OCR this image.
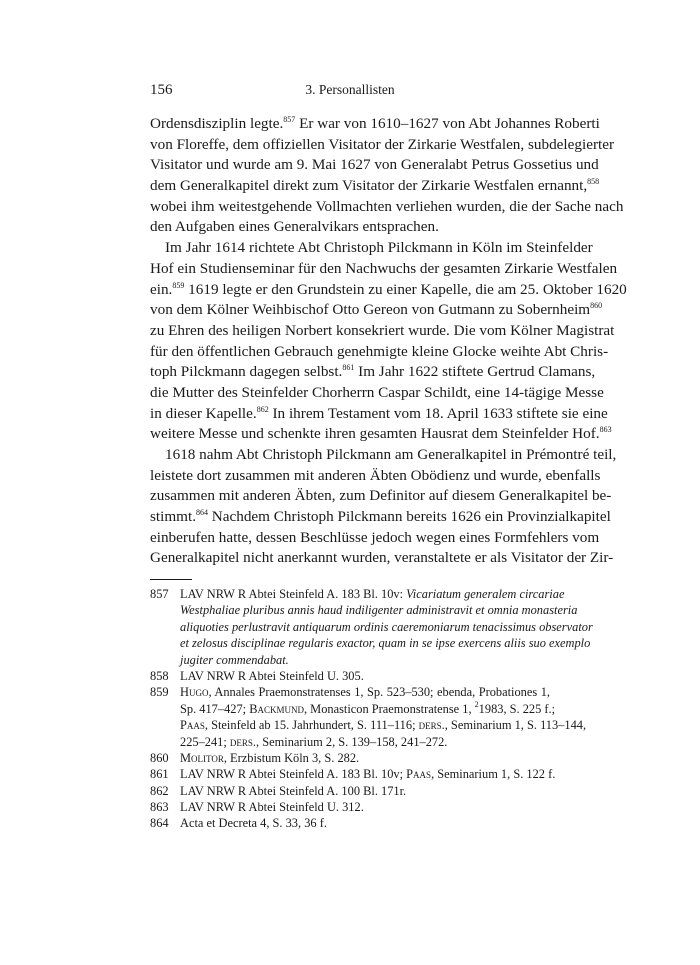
156	3. Personallisten
Ordensdisziplin legte.$^{857}$ Er war von 1610–1627 von Abt Johannes Roberti
von Floreffe, dem offiziellen Visitator der Zirkarie Westfalen, subdelegierter
Visitator und wurde am 9. Mai 1627 von Generalabt Petrus Gossetius und
dem Generalkapitel direkt zum Visitator der Zirkarie Westfalen ernannt,$^{858}$
wobei ihm weitestgehende Vollmachten verliehen wurden, die der Sache nach
den Aufgaben eines Generalvikars entsprachen.
Im Jahr 1614 richtete Abt Christoph Pilckmann in Köln im Steinfelder
Hof ein Studienseminar für den Nachwuchs der gesamten Zirkarie Westfalen
ein.$^{859}$ 1619 legte er den Grundstein zu einer Kapelle, die am 25. Oktober 1620
von dem Kölner Weihbischof Otto Gereon von Gutmann zu Sobernheim$^{860}$
zu Ehren des heiligen Norbert konsekriert wurde. Die vom Kölner Magistrat
für den öffentlichen Gebrauch genehmigte kleine Glocke weihte Abt Chris-
toph Pilckmann dagegen selbst.$^{861}$ Im Jahr 1622 stiftete Gertrud Clamans,
die Mutter des Steinfelder Chorherrn Caspar Schildt, eine 14-tägige Messe
in dieser Kapelle.$^{862}$ In ihrem Testament vom 18. April 1633 stiftete sie eine
weitere Messe und schenkte ihren gesamten Hausrat dem Steinfelder Hof.$^{863}$
1618 nahm Abt Christoph Pilckmann am Generalkapitel in Prémontré teil,
leistete dort zusammen mit anderen Äbten Obödienz und wurde, ebenfalls
zusammen mit anderen Äbten, zum Definitor auf diesem Generalkapitel be-
stimmt.$^{864}$ Nachdem Christoph Pilckmann bereits 1626 ein Provinzialkapitel
einberufen hatte, dessen Beschlüsse jedoch wegen eines Formfehlers vom
Generalkapitel nicht anerkannt wurden, veranstaltete er als Visitator der Zir-
857 LAV NRW R Abtei Steinfeld A. 183 Bl. 10v: Vicariatum generalem circariae
Westphaliae pluribus annis haud indiligenter administravit et omnia monasteria
aliquoties perlustravit antiquarum ordinis caeremoniarum tenacissimus observator
et zelosus disciplinae regularis exactor, quam in se ipse exercens aliis suo exemplo
jugiter commendabat.
858 LAV NRW R Abtei Steinfeld U. 305.
859 Hugo, Annales Praemonstratenses 1, Sp. 523–530; ebenda, Probationes 1,
Sp. 417–427; Backmund, Monasticon Praemonstratense 1, $^2$1983, S. 225 f.;
Paas, Steinfeld ab 15. Jahrhundert, S. 111–116; ders., Seminarium 1, S. 113–144,
225–241; ders., Seminarium 2, S. 139–158, 241–272.
860 Molitor, Erzbistum Köln 3, S. 282.
861 LAV NRW R Abtei Steinfeld A. 183 Bl. 10v; Paas, Seminarium 1, S. 122 f.
862 LAV NRW R Abtei Steinfeld A. 100 Bl. 171r.
863 LAV NRW R Abtei Steinfeld U. 312.
864 Acta et Decreta 4, S. 33, 36 f.
